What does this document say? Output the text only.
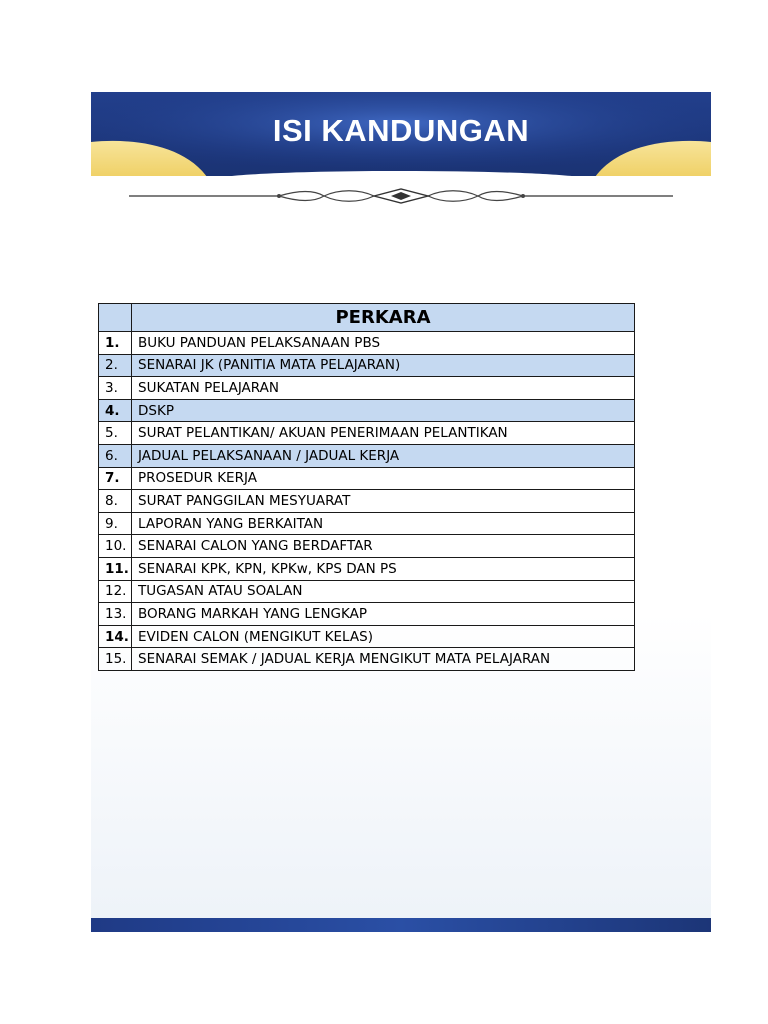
ISI KANDUNGAN
	PERKARA
1.	BUKU PANDUAN PELAKSANAAN PBS
2.	SENARAI JK (PANITIA MATA PELAJARAN)
3.	SUKATAN PELAJARAN
4.	DSKP
5.	SURAT PELANTIKAN/ AKUAN PENERIMAAN PELANTIKAN
6.	JADUAL PELAKSANAAN / JADUAL KERJA
7.	PROSEDUR KERJA
8.	SURAT PANGGILAN MESYUARAT
9.	LAPORAN YANG BERKAITAN
10.	SENARAI CALON YANG BERDAFTAR
11.	SENARAI KPK, KPN, KPKw, KPS DAN PS
12.	TUGASAN ATAU SOALAN
13.	BORANG MARKAH YANG LENGKAP
14.	EVIDEN CALON (MENGIKUT KELAS)
15.	SENARAI SEMAK / JADUAL KERJA MENGIKUT MATA PELAJARAN
